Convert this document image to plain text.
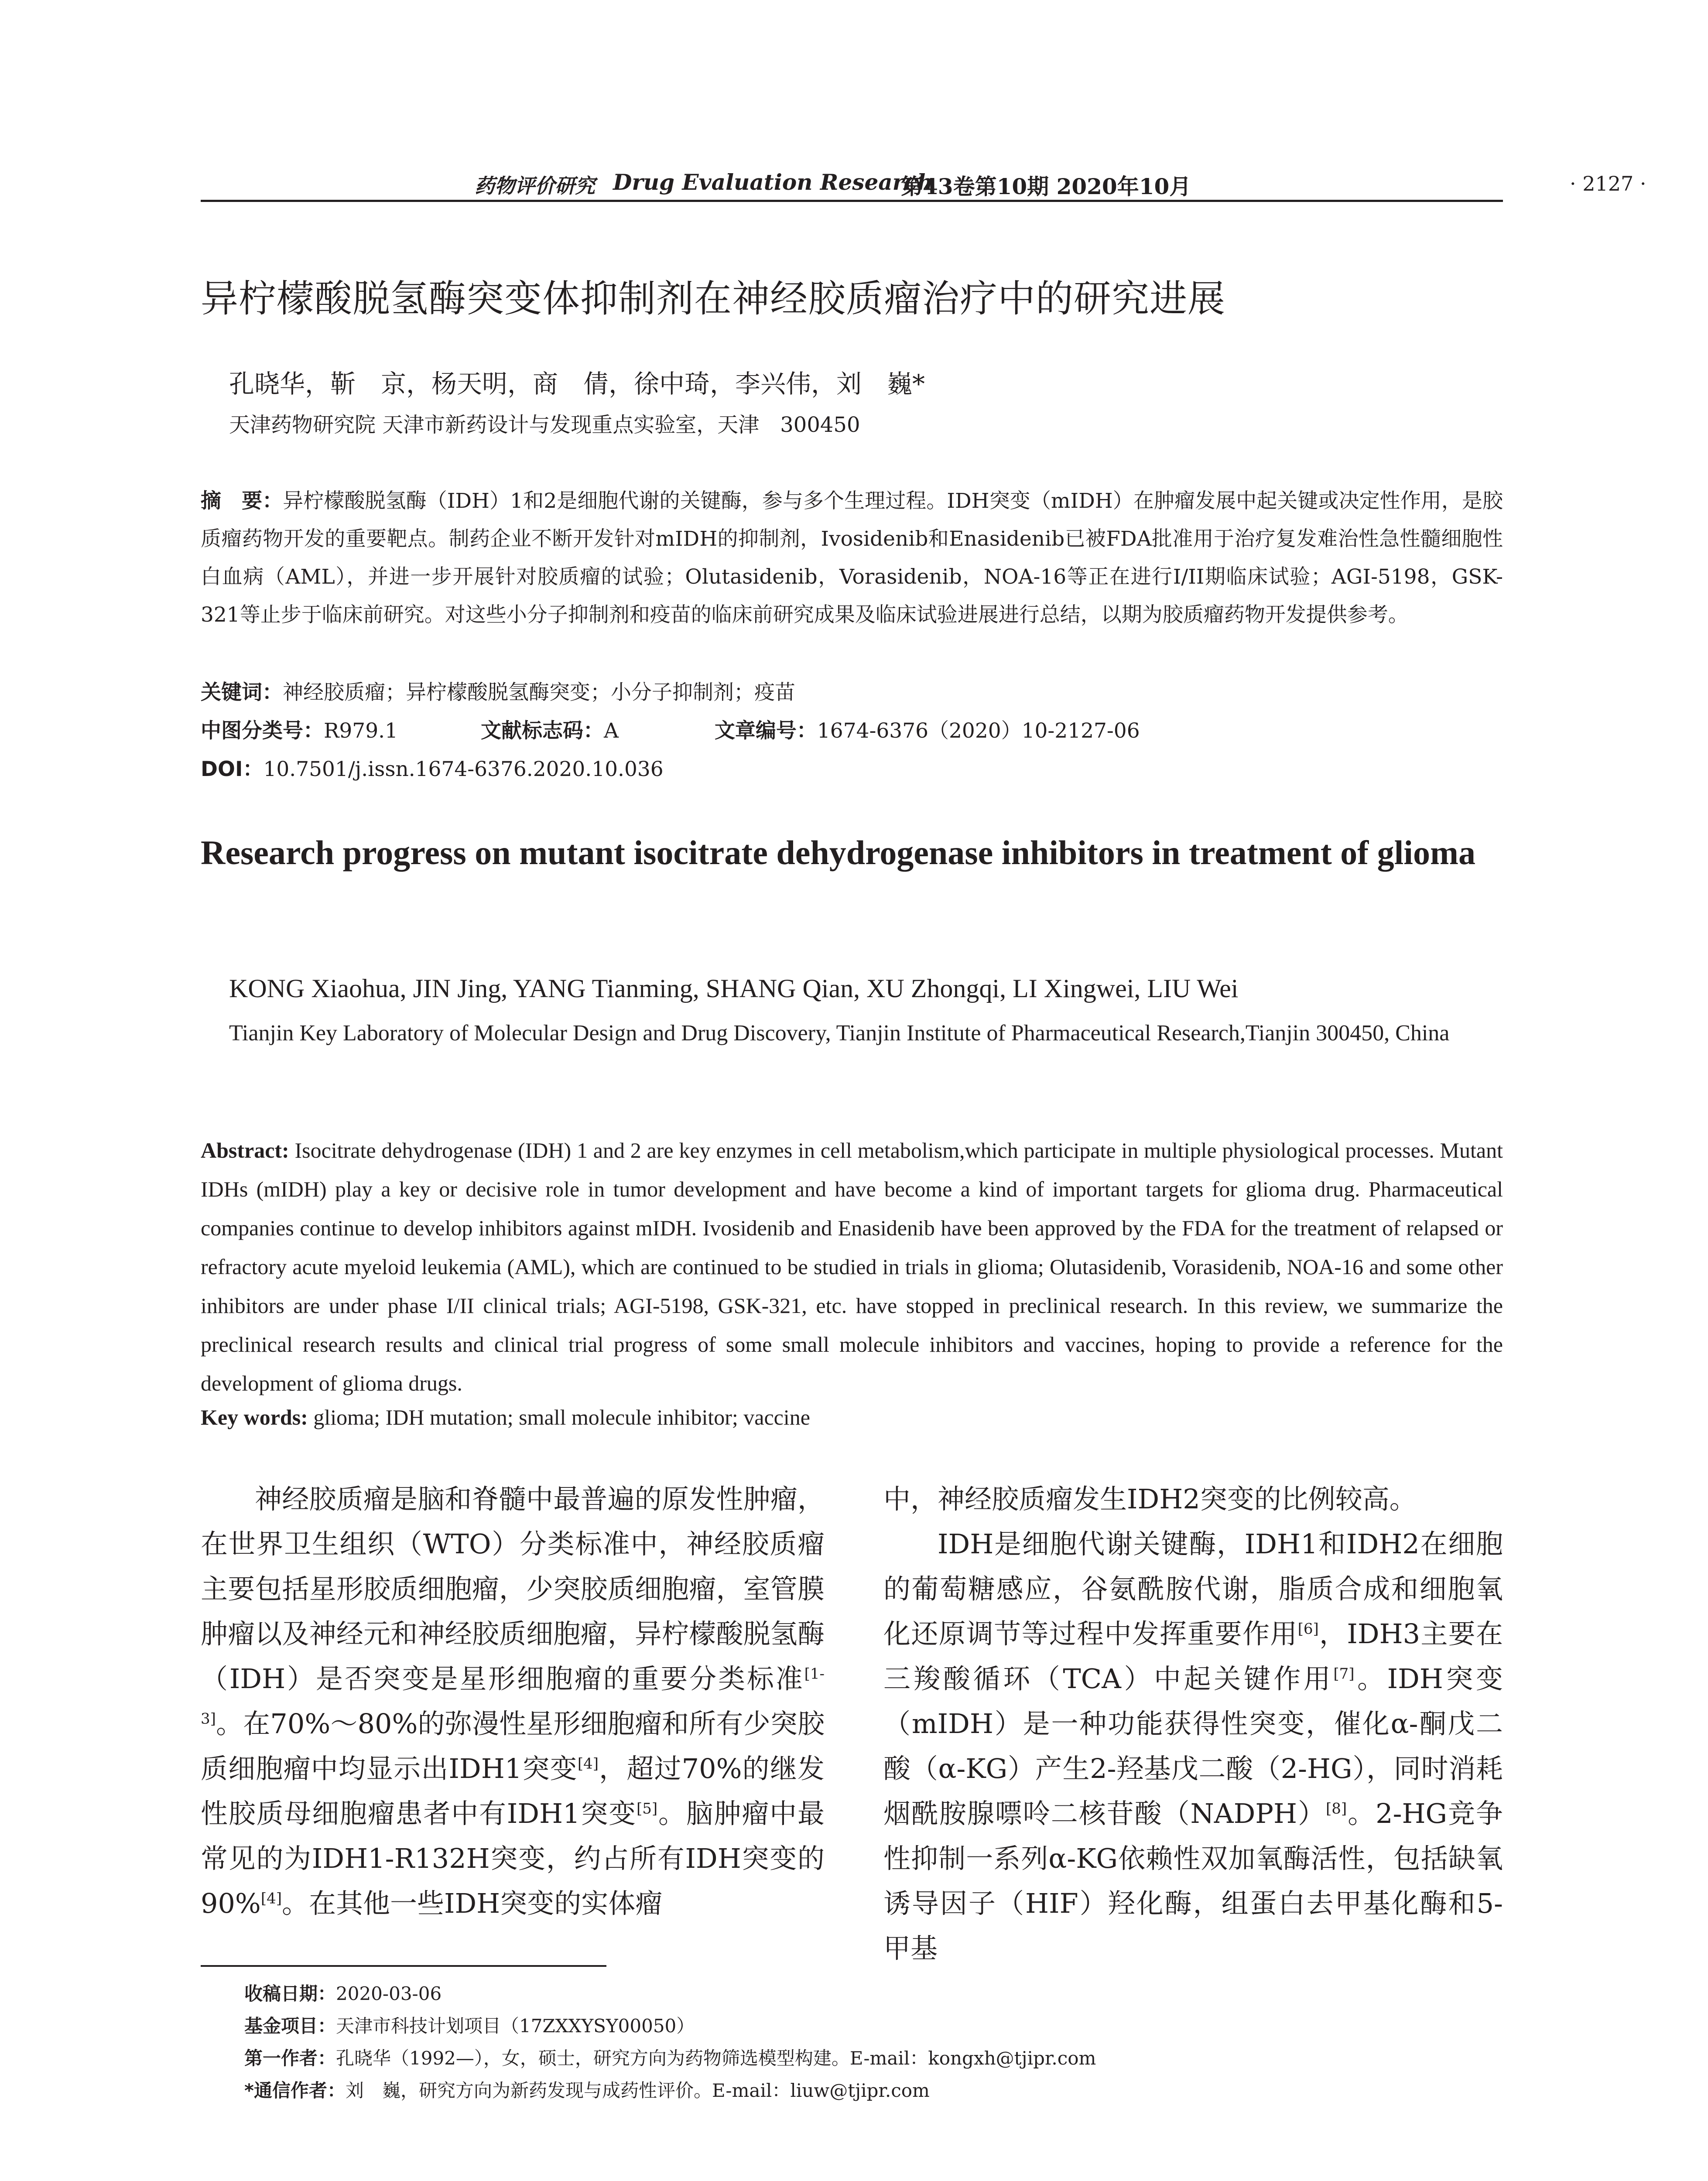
药物评价研究 Drug Evaluation Research
第43卷第10期 2020年10月	· 2127 ·
异柠檬酸脱氢酶突变体抑制剂在神经胶质瘤治疗中的研究进展
孔晓华，靳　京，杨天明，商　倩，徐中琦，李兴伟，刘　巍*
天津药物研究院 天津市新药设计与发现重点实验室，天津　300450
摘　要：异柠檬酸脱氢酶（IDH）1和2是细胞代谢的关键酶，参与多个生理过程。IDH突变（mIDH）在肿瘤发展中起关键或决定性作用，是胶质瘤药物开发的重要靶点。制药企业不断开发针对mIDH的抑制剂，Ivosidenib和Enasidenib已被FDA批准用于治疗复发难治性急性髓细胞性白血病（AML），并进一步开展针对胶质瘤的试验；Olutasidenib，Vorasidenib，NOA-16等正在进行I/II期临床试验；AGI-5198，GSK-321等止步于临床前研究。对这些小分子抑制剂和疫苗的临床前研究成果及临床试验进展进行总结，以期为胶质瘤药物开发提供参考。
关键词：神经胶质瘤；异柠檬酸脱氢酶突变；小分子抑制剂；疫苗
中图分类号：R979.1	文献标志码：A	文章编号：1674-6376（2020）10-2127-06
DOI：10.7501/j.issn.1674-6376.2020.10.036
Research progress on mutant isocitrate dehydrogenase inhibitors in treatment of glioma
KONG Xiaohua, JIN Jing, YANG Tianming, SHANG Qian, XU Zhongqi, LI Xingwei, LIU Wei
Tianjin Key Laboratory of Molecular Design and Drug Discovery, Tianjin Institute of Pharmaceutical Research,Tianjin 300450, China
Abstract: Isocitrate dehydrogenase (IDH) 1 and 2 are key enzymes in cell metabolism,which participate in multiple physiological processes. Mutant IDHs (mIDH) play a key or decisive role in tumor development and have become a kind of important targets for glioma drug. Pharmaceutical companies continue to develop inhibitors against mIDH. Ivosidenib and Enasidenib have been approved by the FDA for the treatment of relapsed or refractory acute myeloid leukemia (AML), which are continued to be studied in trials in glioma; Olutasidenib, Vorasidenib, NOA-16 and some other inhibitors are under phase I/II clinical trials; AGI-5198, GSK-321, etc. have stopped in preclinical research. In this review, we summarize the preclinical research results and clinical trial progress of some small molecule inhibitors and vaccines, hoping to provide a reference for the development of glioma drugs.
Key words: glioma; IDH mutation; small molecule inhibitor; vaccine

神经胶质瘤是脑和脊髓中最普遍的原发性肿瘤，在世界卫生组织（WTO）分类标准中，神经胶质瘤主要包括星形胶质细胞瘤，少突胶质细胞瘤，室管膜肿瘤以及神经元和神经胶质细胞瘤，异柠檬酸脱氢酶（IDH）是否突变是星形细胞瘤的重要分类标准[1-3]。在70%～80%的弥漫性星形细胞瘤和所有少突胶质细胞瘤中均显示出IDH1突变[4]，超过70%的继发性胶质母细胞瘤患者中有IDH1突变[5]。脑肿瘤中最常见的为IDH1-R132H突变，约占所有IDH突变的90%[4]。在其他一些IDH突变的实体瘤

中，神经胶质瘤发生IDH2突变的比例较高。

IDH是细胞代谢关键酶，IDH1和IDH2在细胞的葡萄糖感应，谷氨酰胺代谢，脂质合成和细胞氧化还原调节等过程中发挥重要作用[6]，IDH3主要在三羧酸循环（TCA）中起关键作用[7]。IDH突变（mIDH）是一种功能获得性突变，催化α-酮戊二酸（α-KG）产生2-羟基戊二酸（2-HG），同时消耗烟酰胺腺嘌呤二核苷酸（NADPH）[8]。2-HG竞争性抑制一系列α-KG依赖性双加氧酶活性，包括缺氧诱导因子（HIF）羟化酶，组蛋白去甲基化酶和5-甲基

收稿日期：2020-03-06
基金项目：天津市科技计划项目（17ZXXYSY00050）
第一作者：孔晓华（1992—），女，硕士，研究方向为药物筛选模型构建。E-mail：kongxh@tjipr.com
*通信作者：刘　巍，研究方向为新药发现与成药性评价。E-mail：liuw@tjipr.com
